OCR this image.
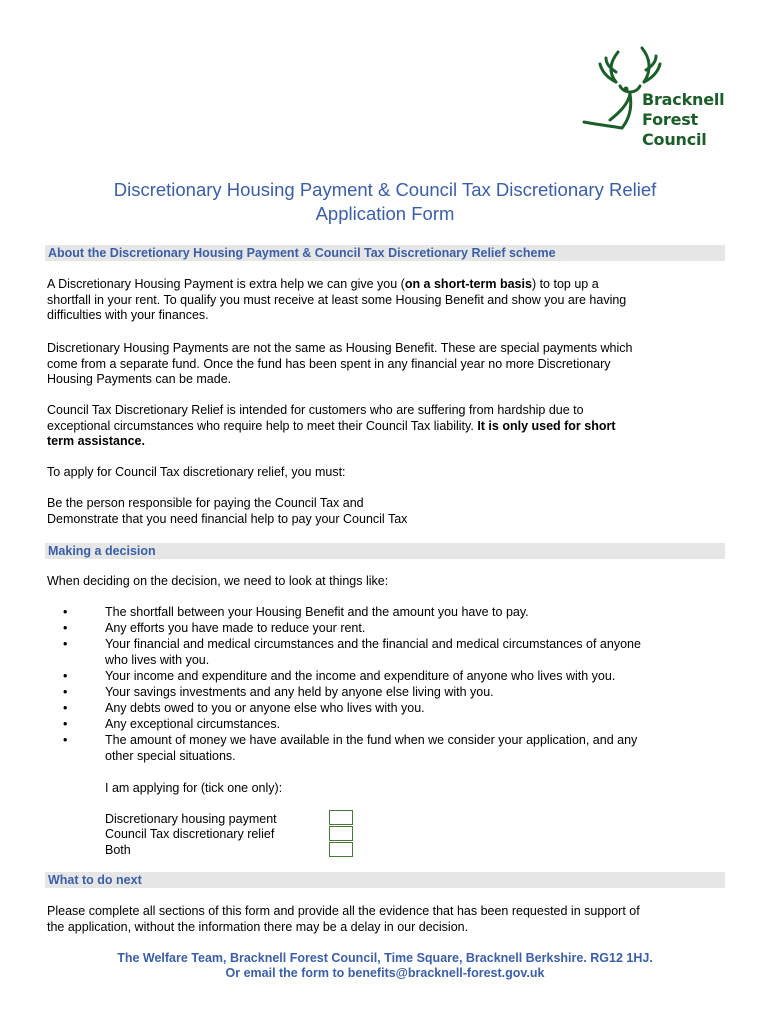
Bracknell
Forest
Council
Discretionary Housing Payment & Council Tax Discretionary Relief
Application Form
About the Discretionary Housing Payment & Council Tax Discretionary Relief scheme
A Discretionary Housing Payment is extra help we can give you (on a short-term basis) to top up a
shortfall in your rent. To qualify you must receive at least some Housing Benefit and show you are having
difficulties with your finances.
Discretionary Housing Payments are not the same as Housing Benefit. These are special payments which
come from a separate fund. Once the fund has been spent in any financial year no more Discretionary
Housing Payments can be made.
Council Tax Discretionary Relief is intended for customers who are suffering from hardship due to
exceptional circumstances who require help to meet their Council Tax liability. It is only used for short
term assistance.
To apply for Council Tax discretionary relief, you must:
Be the person responsible for paying the Council Tax and
Demonstrate that you need financial help to pay your Council Tax
Making a decision
When deciding on the decision, we need to look at things like:
•	The shortfall between your Housing Benefit and the amount you have to pay.
•	Any efforts you have made to reduce your rent.
•	Your financial and medical circumstances and the financial and medical circumstances of anyone
who lives with you.
•	Your income and expenditure and the income and expenditure of anyone who lives with you.
•	Your savings investments and any held by anyone else living with you.
•	Any debts owed to you or anyone else who lives with you.
•	Any exceptional circumstances.
•	The amount of money we have available in the fund when we consider your application, and any
other special situations.
I am applying for (tick one only):
Discretionary housing payment
Council Tax discretionary relief
Both
What to do next
Please complete all sections of this form and provide all the evidence that has been requested in support of
the application, without the information there may be a delay in our decision.
The Welfare Team, Bracknell Forest Council, Time Square, Bracknell Berkshire. RG12 1HJ.
Or email the form to benefits@bracknell-forest.gov.uk
